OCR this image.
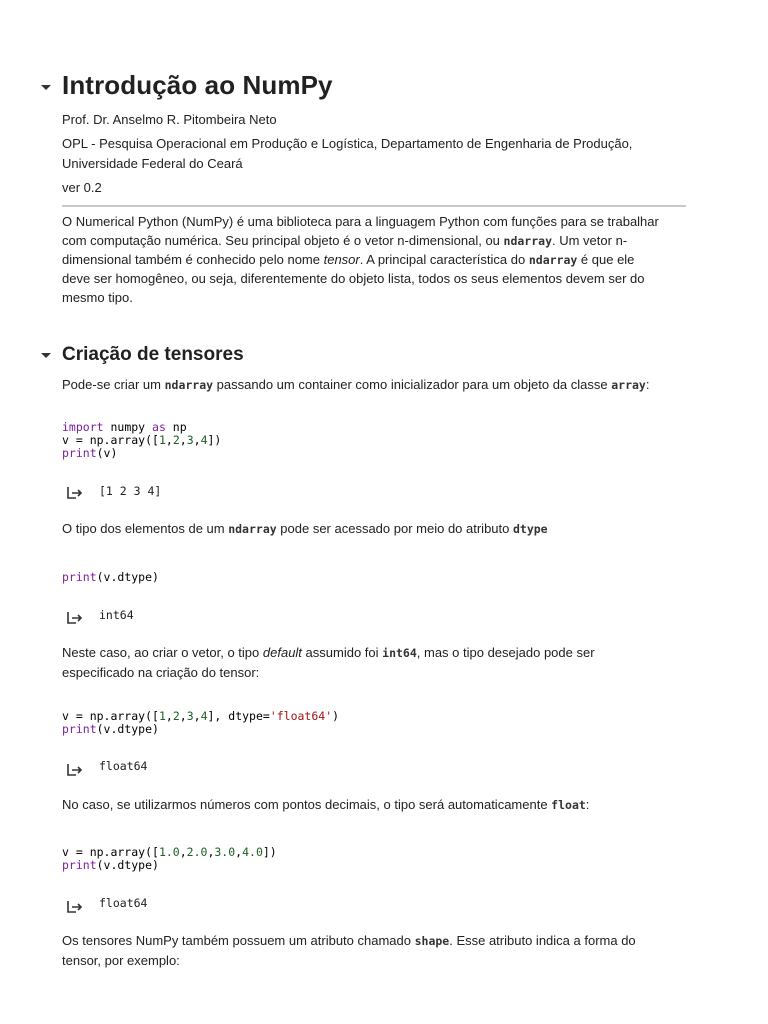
Introdução ao NumPy
Prof. Dr. Anselmo R. Pitombeira Neto
OPL - Pesquisa Operacional em Produção e Logística, Departamento de Engenharia de Produção,
Universidade Federal do Ceará
ver 0.2
O Numerical Python (NumPy) é uma biblioteca para a linguagem Python com funções para se trabalhar
com computação numérica. Seu principal objeto é o vetor n-dimensional, ou ndarray. Um vetor n-
dimensional também é conhecido pelo nome tensor. A principal característica do ndarray é que ele
deve ser homogêneo, ou seja, diferentemente do objeto lista, todos os seus elementos devem ser do
mesmo tipo.
Criação de tensores
Pode-se criar um ndarray passando um container como inicializador para um objeto da classe array:
import numpy as np
v = np.array([1,2,3,4])
print(v)
[1 2 3 4]
O tipo dos elementos de um ndarray pode ser acessado por meio do atributo dtype
print(v.dtype)
int64
Neste caso, ao criar o vetor, o tipo default assumido foi int64, mas o tipo desejado pode ser
especificado na criação do tensor:
v = np.array([1,2,3,4], dtype='float64')
print(v.dtype)
float64
No caso, se utilizarmos números com pontos decimais, o tipo será automaticamente float:
v = np.array([1.0,2.0,3.0,4.0])
print(v.dtype)
float64
Os tensores NumPy também possuem um atributo chamado shape. Esse atributo indica a forma do
tensor, por exemplo:
